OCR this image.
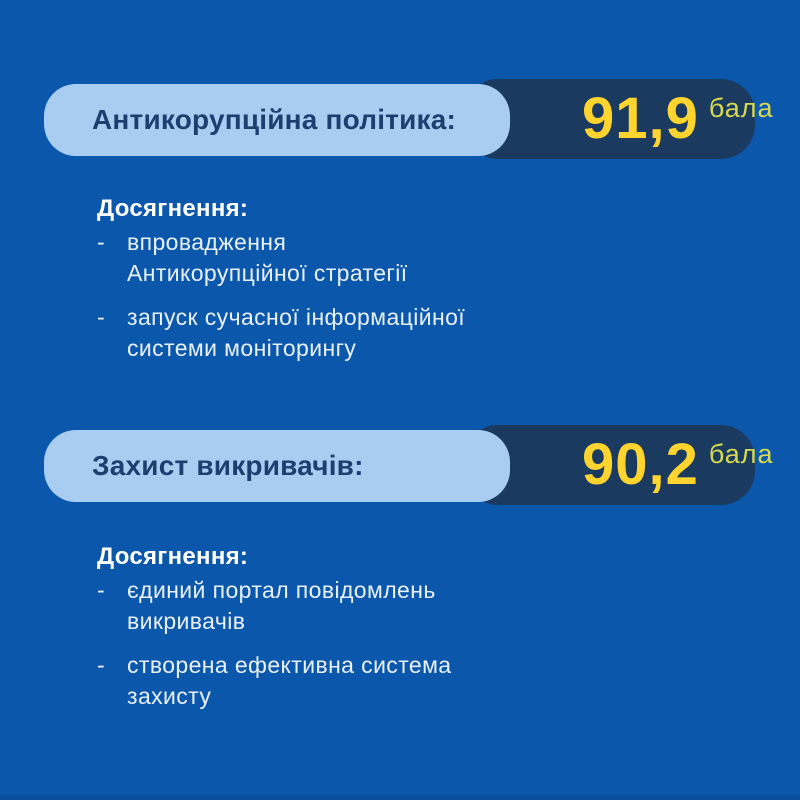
91,9 бала
Антикорупційна політика:
Досягнення:
- впровадження
Антикорупційної стратегії
- запуск сучасної інформаційної
системи моніторингу
90,2 бала
Захист викривачів:
Досягнення:
- єдиний портал повідомлень
викривачів
- створена ефективна система
захисту
